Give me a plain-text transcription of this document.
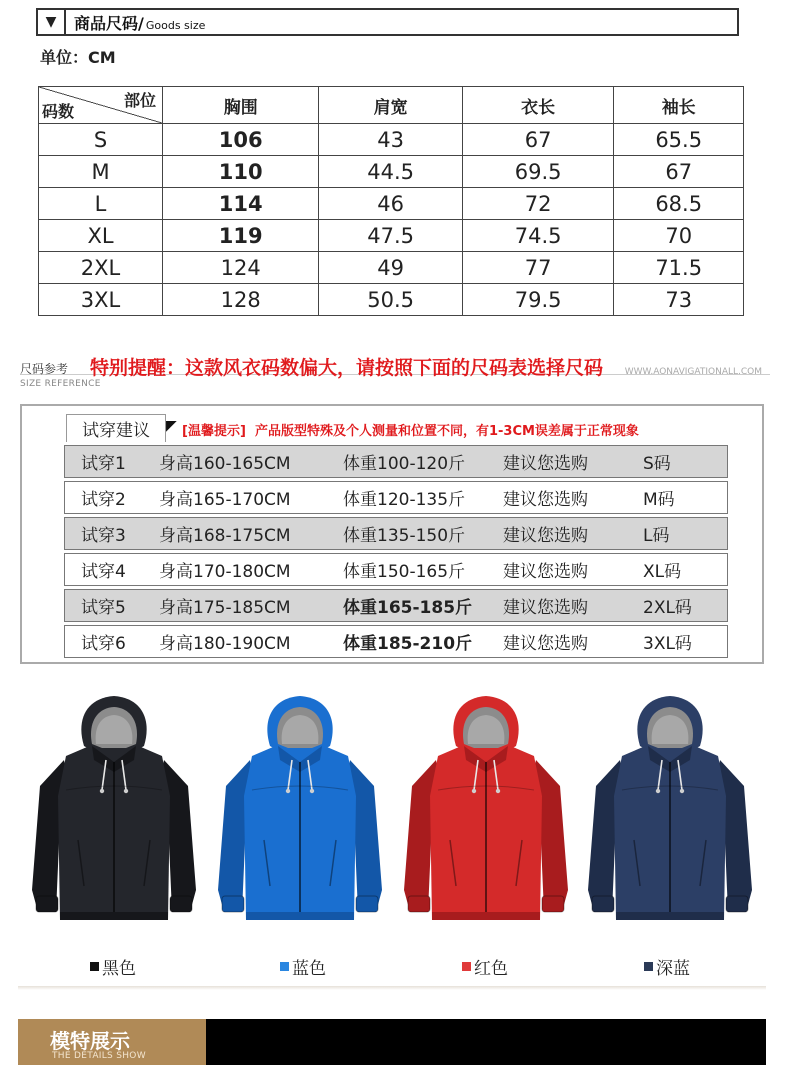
▼	商品尺码/ Goods size
单位：CM
部位
码数	胸围	肩宽	衣长	袖长
S	106	43	67	65.5
M	110	44.5	69.5	67
L	114	46	72	68.5
XL	119	47.5	74.5	70
2XL	124	49	77	71.5
3XL	128	50.5	79.5	73
尺码参考
SIZE REFERENCE
特别提醒：这款风衣码数偏大，请按照下面的尺码表选择尺码 WWW.AONAVIGATIONALL.COM
试穿建议	◤ [温馨提示] 产品版型特殊及个人测量和位置不同，有1-3CM误差属于正常现象
试穿1	身高160-165CM	体重100-120斤	建议您选购	S码
试穿2	身高165-170CM	体重120-135斤	建议您选购	M码
试穿3	身高168-175CM	体重135-150斤	建议您选购	L码
试穿4	身高170-180CM	体重150-165斤	建议您选购	XL码
试穿5	身高175-185CM	体重165-185斤	建议您选购	2XL码
试穿6	身高180-190CM	体重185-210斤	建议您选购	3XL码
黑色	蓝色	红色	深蓝
模特展示
THE DETAILS SHOW
